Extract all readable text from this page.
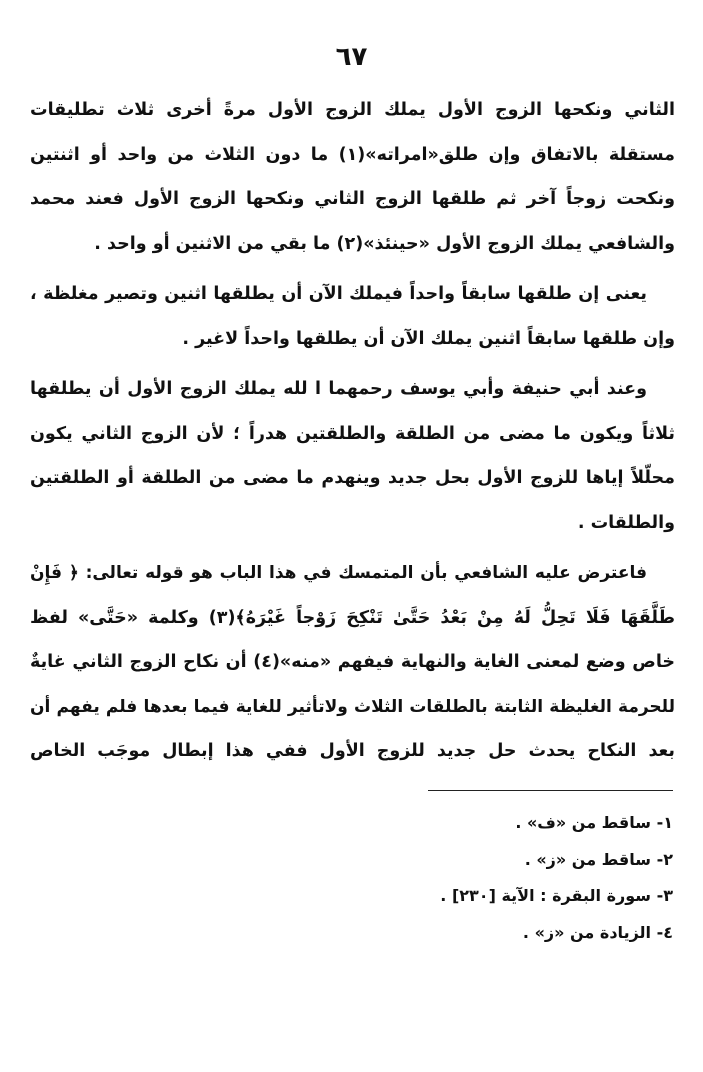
٦٧
الثاني ونكحها الزوج الأول يملك الزوج الأول مرةً أخرى ثلاث تطليقات
مستقلة بالاتفاق وإن طلق«امراته»(١) ما دون الثلاث من واحد أو اثنتين
ونكحت زوجاً آخر ثم طلقها الزوج الثاني ونكحها الزوج الأول فعند محمد
والشافعي يملك الزوج الأول «حينئذ»(٢) ما بقي من الاثنين أو واحد .
يعنى إن طلقها سابقاً واحداً فيملك الآن أن يطلقها اثنين وتصير مغلظة ،
وإن طلقها سابقاً اثنين يملك الآن أن يطلقها واحداً لاغير .
وعند أبي حنيفة وأبي يوسف رحمهما ا لله يملك الزوج الأول أن يطلقها
ثلاثاً ويكون ما مضى من الطلقة والطلقتين هدراً ؛ لأن الزوج الثاني يكون
محلّلاً إياها للزوج الأول بحل جديد وينهدم ما مضى من الطلقة أو الطلقتين
والطلقات .
فاعترض عليه الشافعي بأن المتمسك في هذا الباب هو قوله تعالى: ﴿ فَإِنْ
طَلَّقَهَا فَلَا تَحِلُّ لَهُ مِنْ بَعْدُ حَتَّىٰ تَنْكِحَ زَوْجاً غَيْرَهُ﴾(٣) وكلمة «حَتَّى» لفظ
خاص وضع لمعنى الغاية والنهاية فيفهم «منه»(٤) أن نكاح الزوج الثاني غايةٌ
للحرمة الغليظة الثابتة بالطلقات الثلاث ولاتأثير للغاية فيما بعدها فلم يفهم أن
بعد النكاح يحدث حل جديد للزوج الأول ففي هذا إبطال موجَب الخاص
١- ساقط من «ف» .
٢- ساقط من «ز» .
٣- سورة البقرة : الآية [٢٣٠] .
٤- الزيادة من «ز» .
